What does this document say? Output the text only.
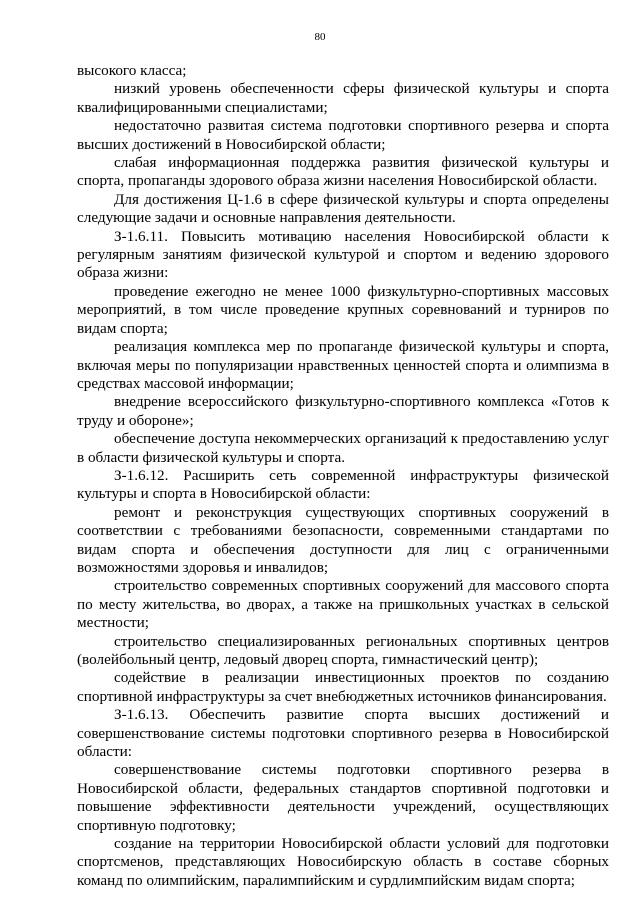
80

высокого класса;

низкий уровень обеспеченности сферы физической культуры и спорта квалифицированными специалистами;

недостаточно развитая система подготовки спортивного резерва и спорта высших достижений в Новосибирской области;

слабая информационная поддержка развития физической культуры и спорта, пропаганды здорового образа жизни населения Новосибирской области.

Для достижения Ц-1.6 в сфере физической культуры и спорта определены следующие задачи и основные направления деятельности.

З-1.6.11. Повысить мотивацию населения Новосибирской области к регулярным занятиям физической культурой и спортом и ведению здорового образа жизни:

проведение ежегодно не менее 1000 физкультурно-спортивных массовых мероприятий, в том числе проведение крупных соревнований и турниров по видам спорта;

реализация комплекса мер по пропаганде физической культуры и спорта, включая меры по популяризации нравственных ценностей спорта и олимпизма в средствах массовой информации;

внедрение всероссийского физкультурно-спортивного комплекса «Готов к труду и обороне»;

обеспечение доступа некоммерческих организаций к предоставлению услуг в области физической культуры и спорта.

З-1.6.12. Расширить сеть современной инфраструктуры физической культуры и спорта в Новосибирской области:

ремонт и реконструкция существующих спортивных сооружений в соответствии с требованиями безопасности, современными стандартами по видам спорта и обеспечения доступности для лиц с ограниченными возможностями здоровья и инвалидов;

строительство современных спортивных сооружений для массового спорта по месту жительства, во дворах, а также на пришкольных участках в сельской местности;

строительство специализированных региональных спортивных центров (волейбольный центр, ледовый дворец спорта, гимнастический центр);

содействие в реализации инвестиционных проектов по созданию спортивной инфраструктуры за счет внебюджетных источников финансирования.

З-1.6.13. Обеспечить развитие спорта высших достижений и совершенствование системы подготовки спортивного резерва в Новосибирской области:

совершенствование системы подготовки спортивного резерва в Новосибирской области, федеральных стандартов спортивной подготовки и повышение эффективности деятельности учреждений, осуществляющих спортивную подготовку;

создание на территории Новосибирской области условий для подготовки спортсменов, представляющих Новосибирскую область в составе сборных команд по олимпийским, паралимпийским и сурдлимпийским видам спорта;
